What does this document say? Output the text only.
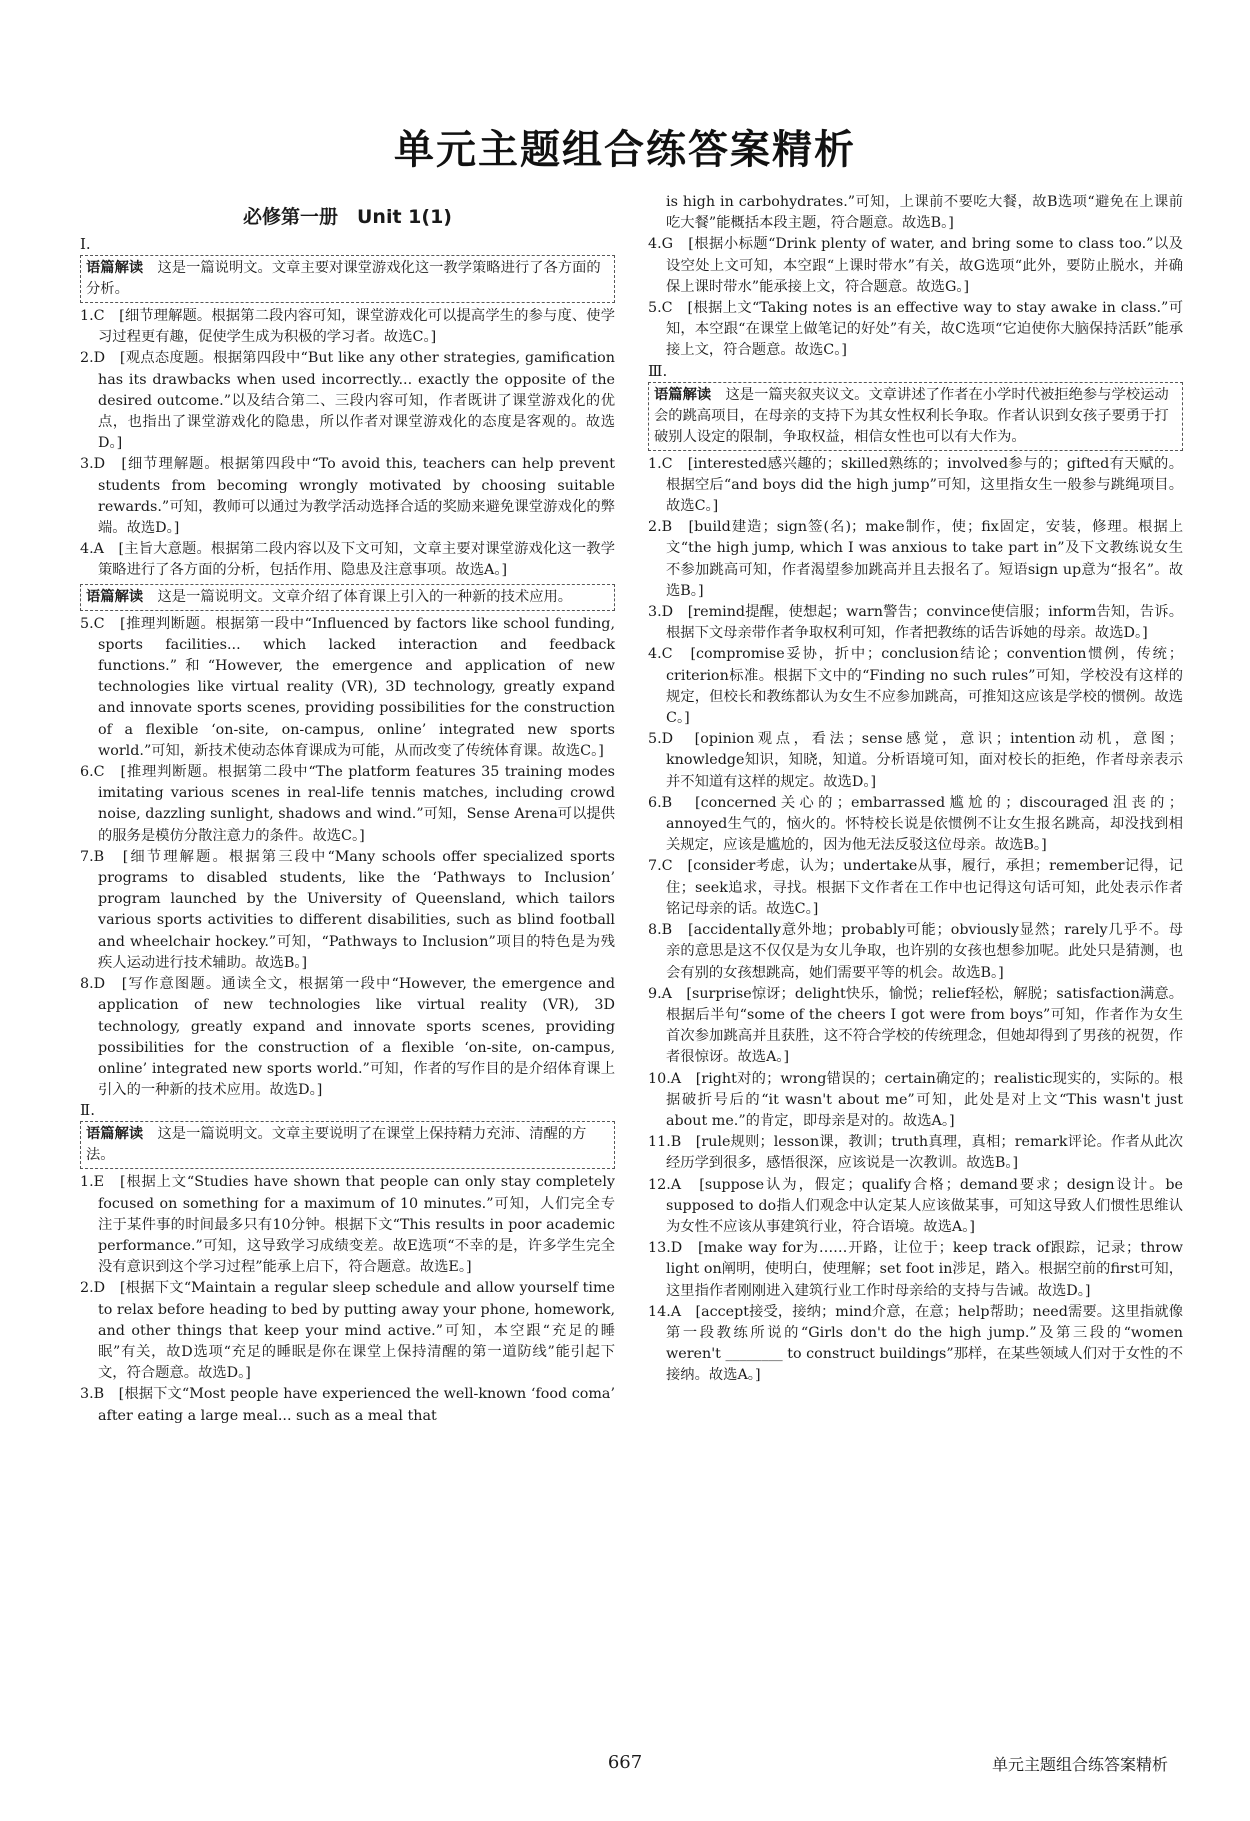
单元主题组合练答案精析
必修第一册　Unit 1(1)

Ⅰ.

语篇解读　 这是一篇说明文。文章主要对课堂游戏化这一教学策略进行了各方面的分析。

1.C　[细节理解题。根据第二段内容可知，课堂游戏化可以提高学生的参与度、使学习过程更有趣，促使学生成为积极的学习者。故选C。]

2.D　[观点态度题。根据第四段中“But like any other strategies, gamification has its drawbacks when used incorrectly... exactly the opposite of the desired outcome.”以及结合第二、三段内容可知，作者既讲了课堂游戏化的优点，也指出了课堂游戏化的隐患，所以作者对课堂游戏化的态度是客观的。故选D。]

3.D　[细节理解题。根据第四段中“To avoid this, teachers can help prevent students from becoming wrongly motivated by choosing suitable rewards.”可知，教师可以通过为教学活动选择合适的奖励来避免课堂游戏化的弊端。故选D。]

4.A　[主旨大意题。根据第二段内容以及下文可知，文章主要对课堂游戏化这一教学策略进行了各方面的分析，包括作用、隐患及注意事项。故选A。]

语篇解读　 这是一篇说明文。文章介绍了体育课上引入的一种新的技术应用。

5.C　[推理判断题。根据第一段中“Influenced by factors like school funding, sports facilities... which lacked interaction and feedback functions.”和“However, the emergence and application of new technologies like virtual reality (VR), 3D technology, greatly expand and innovate sports scenes, providing possibilities for the construction of a flexible ‘on-site, on-campus, online’ integrated new sports world.”可知，新技术使动态体育课成为可能，从而改变了传统体育课。故选C。]

6.C　[推理判断题。根据第二段中“The platform features 35 training modes imitating various scenes in real-life tennis matches, including crowd noise, dazzling sunlight, shadows and wind.”可知，Sense Arena可以提供的服务是模仿分散注意力的条件。故选C。]

7.B　[细节理解题。根据第三段中“Many schools offer specialized sports programs to disabled students, like the ‘Pathways to Inclusion’ program launched by the University of Queensland, which tailors various sports activities to different disabilities, such as blind football and wheelchair hockey.”可知，“Pathways to Inclusion”项目的特色是为残疾人运动进行技术辅助。故选B。]

8.D　[写作意图题。通读全文，根据第一段中“However, the emergence and application of new technologies like virtual reality (VR), 3D technology, greatly expand and innovate sports scenes, providing possibilities for the construction of a flexible ‘on-site, on-campus, online’ integrated new sports world.”可知，作者的写作目的是介绍体育课上引入的一种新的技术应用。故选D。]

Ⅱ.

语篇解读　 这是一篇说明文。文章主要说明了在课堂上保持精力充沛、清醒的方法。

1.E　[根据上文“Studies have shown that people can only stay completely focused on something for a maximum of 10 minutes.”可知，人们完全专注于某件事的时间最多只有10分钟。根据下文“This results in poor academic performance.”可知，这导致学习成绩变差。故E选项“不幸的是，许多学生完全没有意识到这个学习过程”能承上启下，符合题意。故选E。]

2.D　[根据下文“Maintain a regular sleep schedule and allow yourself time to relax before heading to bed by putting away your phone, homework, and other things that keep your mind active.”可知，本空跟“充足的睡眠”有关，故D选项“充足的睡眠是你在课堂上保持清醒的第一道防线”能引起下文，符合题意。故选D。]

3.B　[根据下文“Most people have experienced the well-known ‘food coma’ after eating a large meal... such as a meal that

is high in carbohydrates.”可知，上课前不要吃大餐，故B选项“避免在上课前吃大餐”能概括本段主题，符合题意。故选B。]

4.G　[根据小标题“Drink plenty of water, and bring some to class too.”以及设空处上文可知，本空跟“上课时带水”有关，故G选项“此外，要防止脱水，并确保上课时带水”能承接上文，符合题意。故选G。]

5.C　[根据上文“Taking notes is an effective way to stay awake in class.”可知，本空跟“在课堂上做笔记的好处”有关，故C选项“它迫使你大脑保持活跃”能承接上文，符合题意。故选C。]

Ⅲ.

语篇解读　 这是一篇夹叙夹议文。文章讲述了作者在小学时代被拒绝参与学校运动会的跳高项目，在母亲的支持下为其女性权利长争取。作者认识到女孩子要勇于打破别人设定的限制，争取权益，相信女性也可以有大作为。

1.C　[interested感兴趣的；skilled熟练的；involved参与的；gifted有天赋的。根据空后“and boys did the high jump”可知，这里指女生一般参与跳绳项目。故选C。]

2.B　[build建造；sign签(名)；make制作，使；fix固定，安装，修理。根据上文“the high jump, which I was anxious to take part in”及下文教练说女生不参加跳高可知，作者渴望参加跳高并且去报名了。短语sign up意为“报名”。故选B。]

3.D　[remind提醒，使想起；warn警告；convince使信服；inform告知，告诉。根据下文母亲带作者争取权利可知，作者把教练的话告诉她的母亲。故选D。]

4.C　[compromise妥协，折中；conclusion结论；convention惯例，传统；criterion标准。根据下文中的“Finding no such rules”可知，学校没有这样的规定，但校长和教练都认为女生不应参加跳高，可推知这应该是学校的惯例。故选C。]

5.D　[opinion观点，看法；sense感觉，意识；intention动机，意图；knowledge知识，知晓，知道。分析语境可知，面对校长的拒绝，作者母亲表示并不知道有这样的规定。故选D。]

6.B　[concerned关心的；embarrassed尴尬的；discouraged沮丧的；annoyed生气的，恼火的。怀特校长说是依惯例不让女生报名跳高，却没找到相关规定，应该是尴尬的，因为他无法反驳这位母亲。故选B。]

7.C　[consider考虑，认为；undertake从事，履行，承担；remember记得，记住；seek追求，寻找。根据下文作者在工作中也记得这句话可知，此处表示作者铭记母亲的话。故选C。]

8.B　[accidentally意外地；probably可能；obviously显然；rarely几乎不。母亲的意思是这不仅仅是为女儿争取，也许别的女孩也想参加呢。此处只是猜测，也会有别的女孩想跳高，她们需要平等的机会。故选B。]

9.A　[surprise惊讶；delight快乐，愉悦；relief轻松，解脱；satisfaction满意。根据后半句“some of the cheers I got were from boys”可知，作者作为女生首次参加跳高并且获胜，这不符合学校的传统理念，但她却得到了男孩的祝贺，作者很惊讶。故选A。]

10.A　[right对的；wrong错误的；certain确定的；realistic现实的，实际的。根据破折号后的“it wasn't about me”可知，此处是对上文“This wasn't just about me.”的肯定，即母亲是对的。故选A。]

11.B　[rule规则；lesson课，教训；truth真理，真相；remark评论。作者从此次经历学到很多，感悟很深，应该说是一次教训。故选B。]

12.A　[suppose认为，假定；qualify合格；demand要求；design设计。be supposed to do指人们观念中认定某人应该做某事，可知这导致人们惯性思维认为女性不应该从事建筑行业，符合语境。故选A。]

13.D　[make way for为……开路，让位于；keep track of跟踪，记录；throw light on阐明，使明白，使理解；set foot in涉足，踏入。根据空前的first可知，这里指作者刚刚进入建筑行业工作时母亲给的支持与告诫。故选D。]

14.A　[accept接受，接纳；mind介意，在意；help帮助；need需要。这里指就像第一段教练所说的“Girls don't do the high jump.”及第三段的“women weren't ________ to construct buildings”那样，在某些领域人们对于女性的不接纳。故选A。]

667	单元主题组合练答案精析
